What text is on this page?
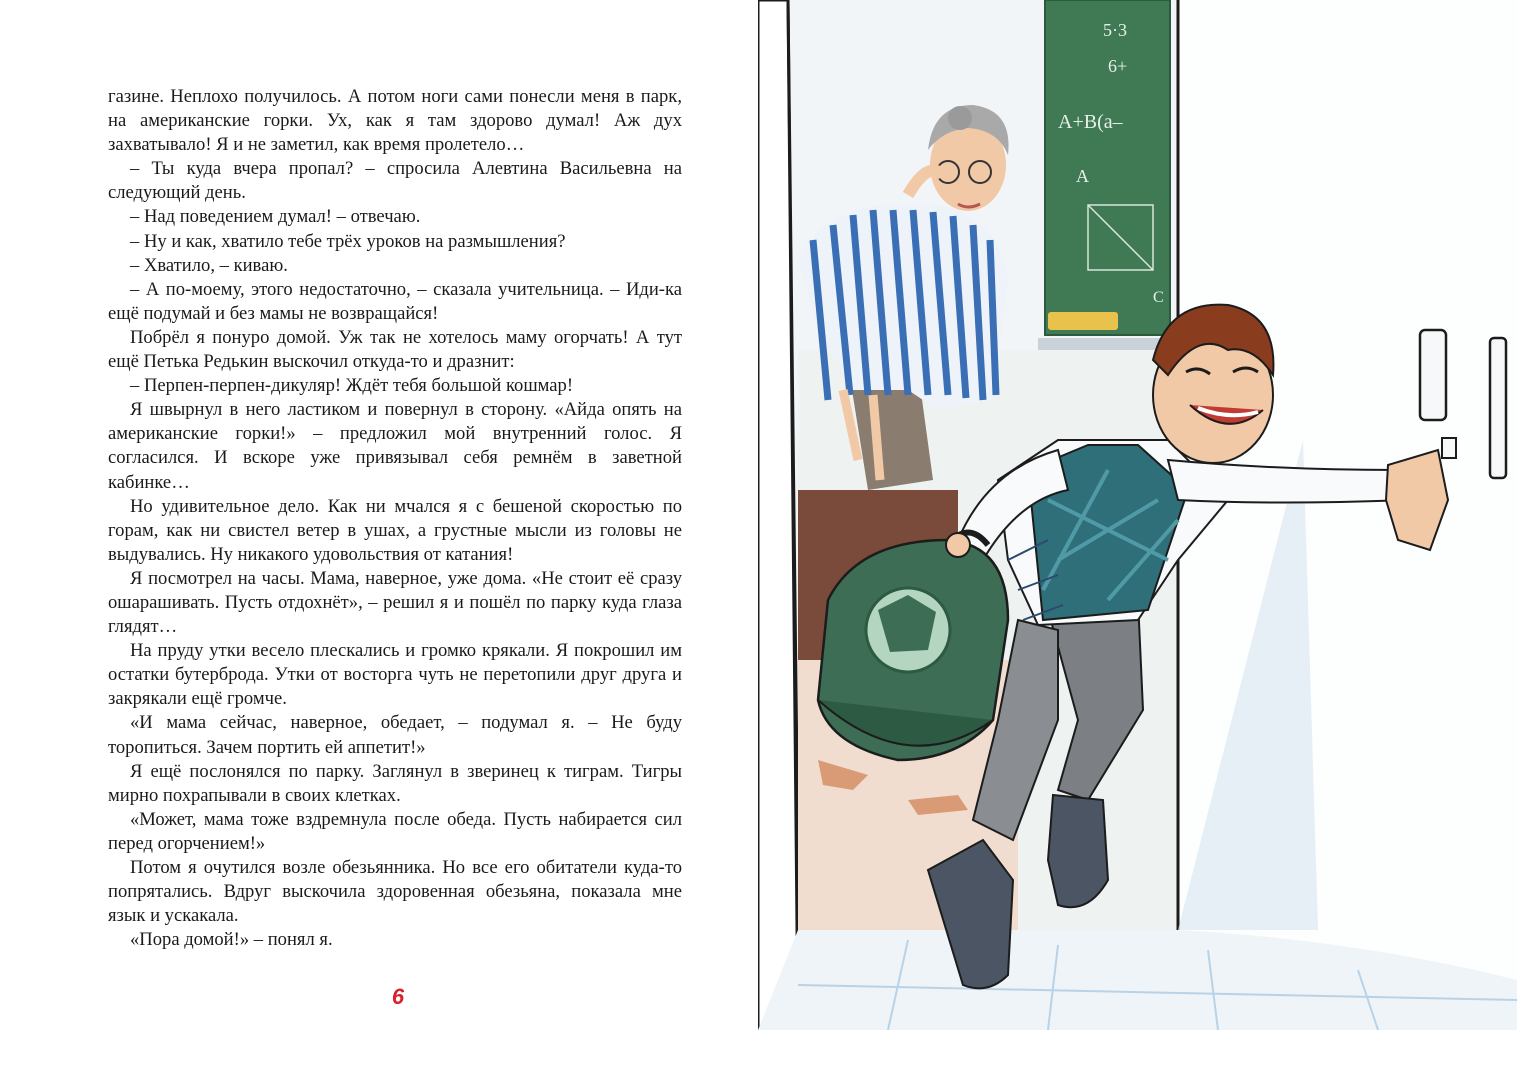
газине. Неплохо получилось. А потом ноги сами понесли меня в парк, на американские горки. Ух, как я там здорово думал! Аж дух захватывало! Я и не заметил, как время пролетело…

– Ты куда вчера пропал? – спросила Алевтина Васильевна на следующий день.

– Над поведением думал! – отвечаю.

– Ну и как, хватило тебе трёх уроков на размышления?

– Хватило, – киваю.

– А по-моему, этого недостаточно, – сказала учительница. – Иди-ка ещё подумай и без мамы не возвращайся!

Побрёл я понуро домой. Уж так не хотелось маму огорчать! А тут ещё Петька Редькин выскочил откуда-то и дразнит:

– Перпен-перпен-дикуляр! Ждёт тебя большой кошмар!

Я швырнул в него ластиком и повернул в сторону. «Айда опять на американские горки!» – предложил мой внутренний голос. Я согласился. И вскоре уже привязывал себя ремнём в заветной кабинке…

Но удивительное дело. Как ни мчался я с бешеной скоростью по горам, как ни свистел ветер в ушах, а грустные мысли из головы не выдувались. Ну никакого удовольствия от катания!

Я посмотрел на часы. Мама, наверное, уже дома. «Не стоит её сразу ошарашивать. Пусть отдохнёт», – решил я и пошёл по парку куда глаза глядят…

На пруду утки весело плескались и громко крякали. Я покрошил им остатки бутерброда. Утки от восторга чуть не перетопили друг друга и закрякали ещё громче.

«И мама сейчас, наверное, обедает, – подумал я. – Не буду торопиться. Зачем портить ей аппетит!»

Я ещё послонялся по парку. Заглянул в зверинец к тиграм. Тигры мирно похрапывали в своих клетках.

«Может, мама тоже вздремнула после обеда. Пусть набирается сил перед огорчением!»

Потом я очутился возле обезьянника. Но все его обитатели куда-то попрятались. Вдруг выскочила здоровенная обезьяна, показала мне язык и ускакала.

«Пора домой!» – понял я.

6
5·3
6+
A+B(a–
A
C
